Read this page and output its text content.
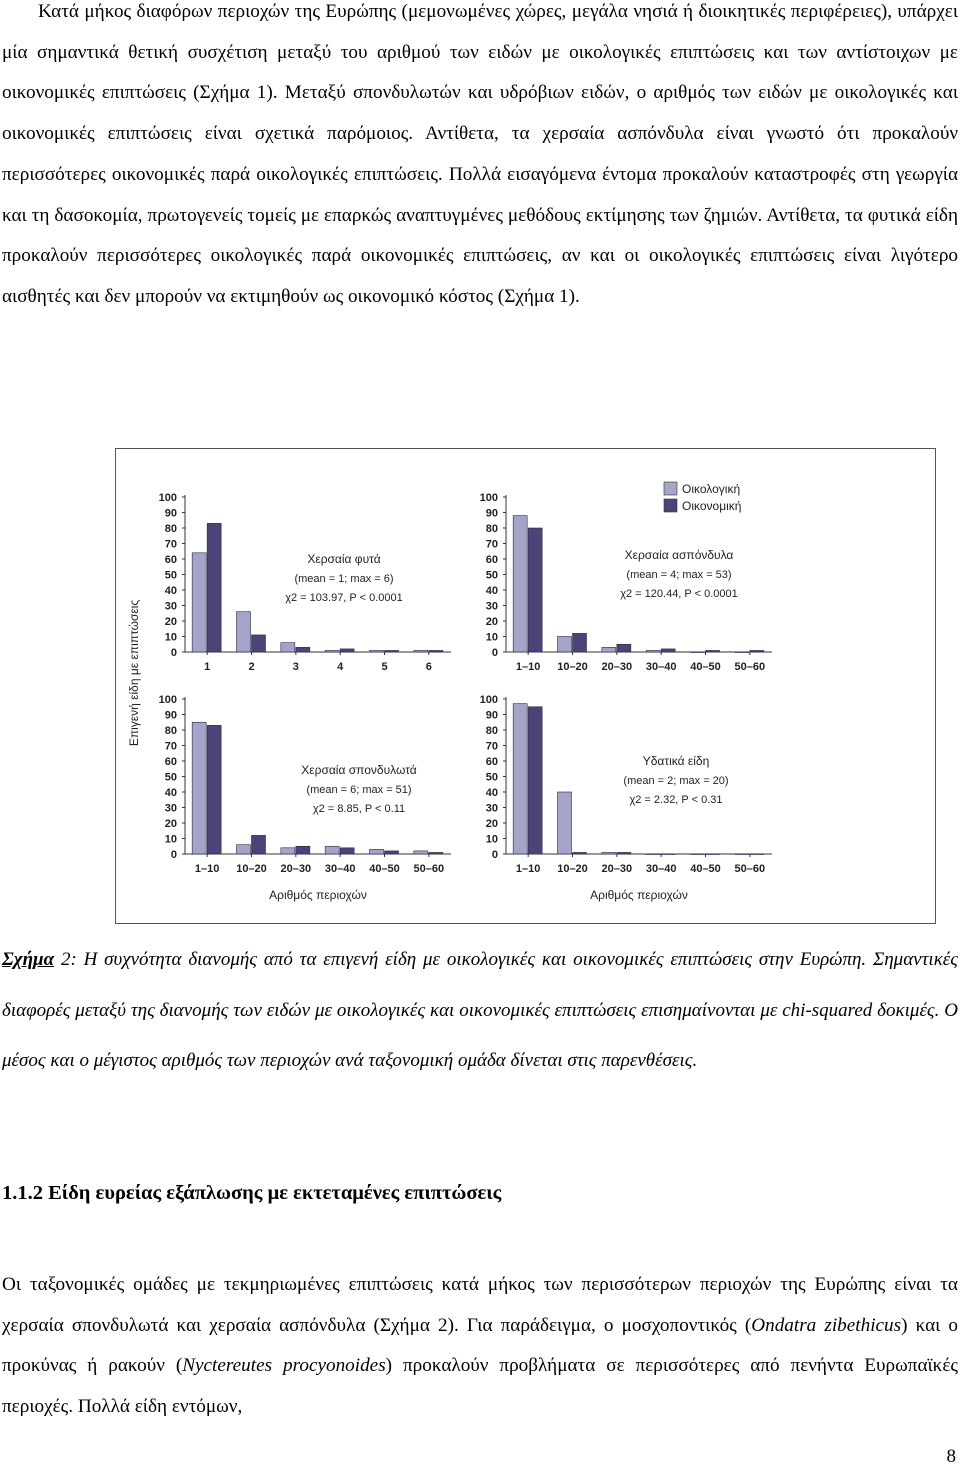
Κατά μήκος διαφόρων περιοχών της Ευρώπης (μεμονωμένες χώρες, μεγάλα νησιά ή διοικητικές περιφέρειες), υπάρχει μία σημαντικά θετική συσχέτιση μεταξύ του αριθμού των ειδών με οικολογικές επιπτώσεις και των αντίστοιχων με οικονομικές επιπτώσεις (Σχήμα 1). Μεταξύ σπονδυλωτών και υδρόβιων ειδών, ο αριθμός των ειδών με οικολογικές και οικονομικές επιπτώσεις είναι σχετικά παρόμοιος. Αντίθετα, τα χερσαία ασπόνδυλα είναι γνωστό ότι προκαλούν περισσότερες οικονομικές παρά οικολογικές επιπτώσεις. Πολλά εισαγόμενα έντομα προκαλούν καταστροφές στη γεωργία και τη δασοκομία, πρωτογενείς τομείς με επαρκώς αναπτυγμένες μεθόδους εκτίμησης των ζημιών. Αντίθετα, τα φυτικά είδη προκαλούν περισσότερες οικολογικές παρά οικονομικές επιπτώσεις, αν και οι οικολογικές επιπτώσεις είναι λιγότερο αισθητές και δεν μπορούν να εκτιμηθούν ως οικονομικό κόστος (Σχήμα 1).

0
10
20
30
40
50
60
70
80
90
100
1	2	3	4	5	6
Χερσαία φυτά
(mean = 1; max = 6)
χ2 = 103.97, P < 0.0001
0
10
20
30
40
50
60
70
80
90
100
1–10 10–20 20–30 30–40 40–50 50–60
Χερσαία ασπόνδυλα
(mean = 4; max = 53)
χ2 = 120.44, P < 0.0001
0
10
20
30
40
50
60
70
80
90
100
1–10 10–20 20–30 30–40 40–50 50–60
Χερσαία σπονδυλωτά
(mean = 6; max = 51)
χ2 = 8.85, P < 0.11
Αριθμός περιοχών
0
10
20
30
40
50
60
70
80
90
100
1–10 10–20 20–30 30–40 40–50 50–60
Υδατικά είδη
(mean = 2; max = 20)
χ2 = 2.32, P < 0.31
Αριθμός περιοχών
Επιγενή είδη με επιπτώσεις
Οικολογική
Οικονομική

Σχήμα 2: Η συχνότητα διανομής από τα επιγενή είδη με οικολογικές και οικονομικές επιπτώσεις στην Ευρώπη. Σημαντικές διαφορές μεταξύ της διανομής των ειδών με οικολογικές και οικονομικές επιπτώσεις επισημαίνονται με chi-squared δοκιμές. Ο μέσος και ο μέγιστος αριθμός των περιοχών ανά ταξονομική ομάδα δίνεται στις παρενθέσεις.

1.1.2 Είδη ευρείας εξάπλωσης με εκτεταμένες επιπτώσεις

Οι ταξονομικές ομάδες με τεκμηριωμένες επιπτώσεις κατά μήκος των περισσότερων περιοχών της Ευρώπης είναι τα χερσαία σπονδυλωτά και χερσαία ασπόνδυλα (Σχήμα 2). Για παράδειγμα, ο μοσχοποντικός (Ondatra zibethicus) και ο προκύνας ή ρακούν (Nyctereutes procyonoides) προκαλούν προβλήματα σε περισσότερες από πενήντα Ευρωπαϊκές περιοχές. Πολλά είδη εντόμων,

8
